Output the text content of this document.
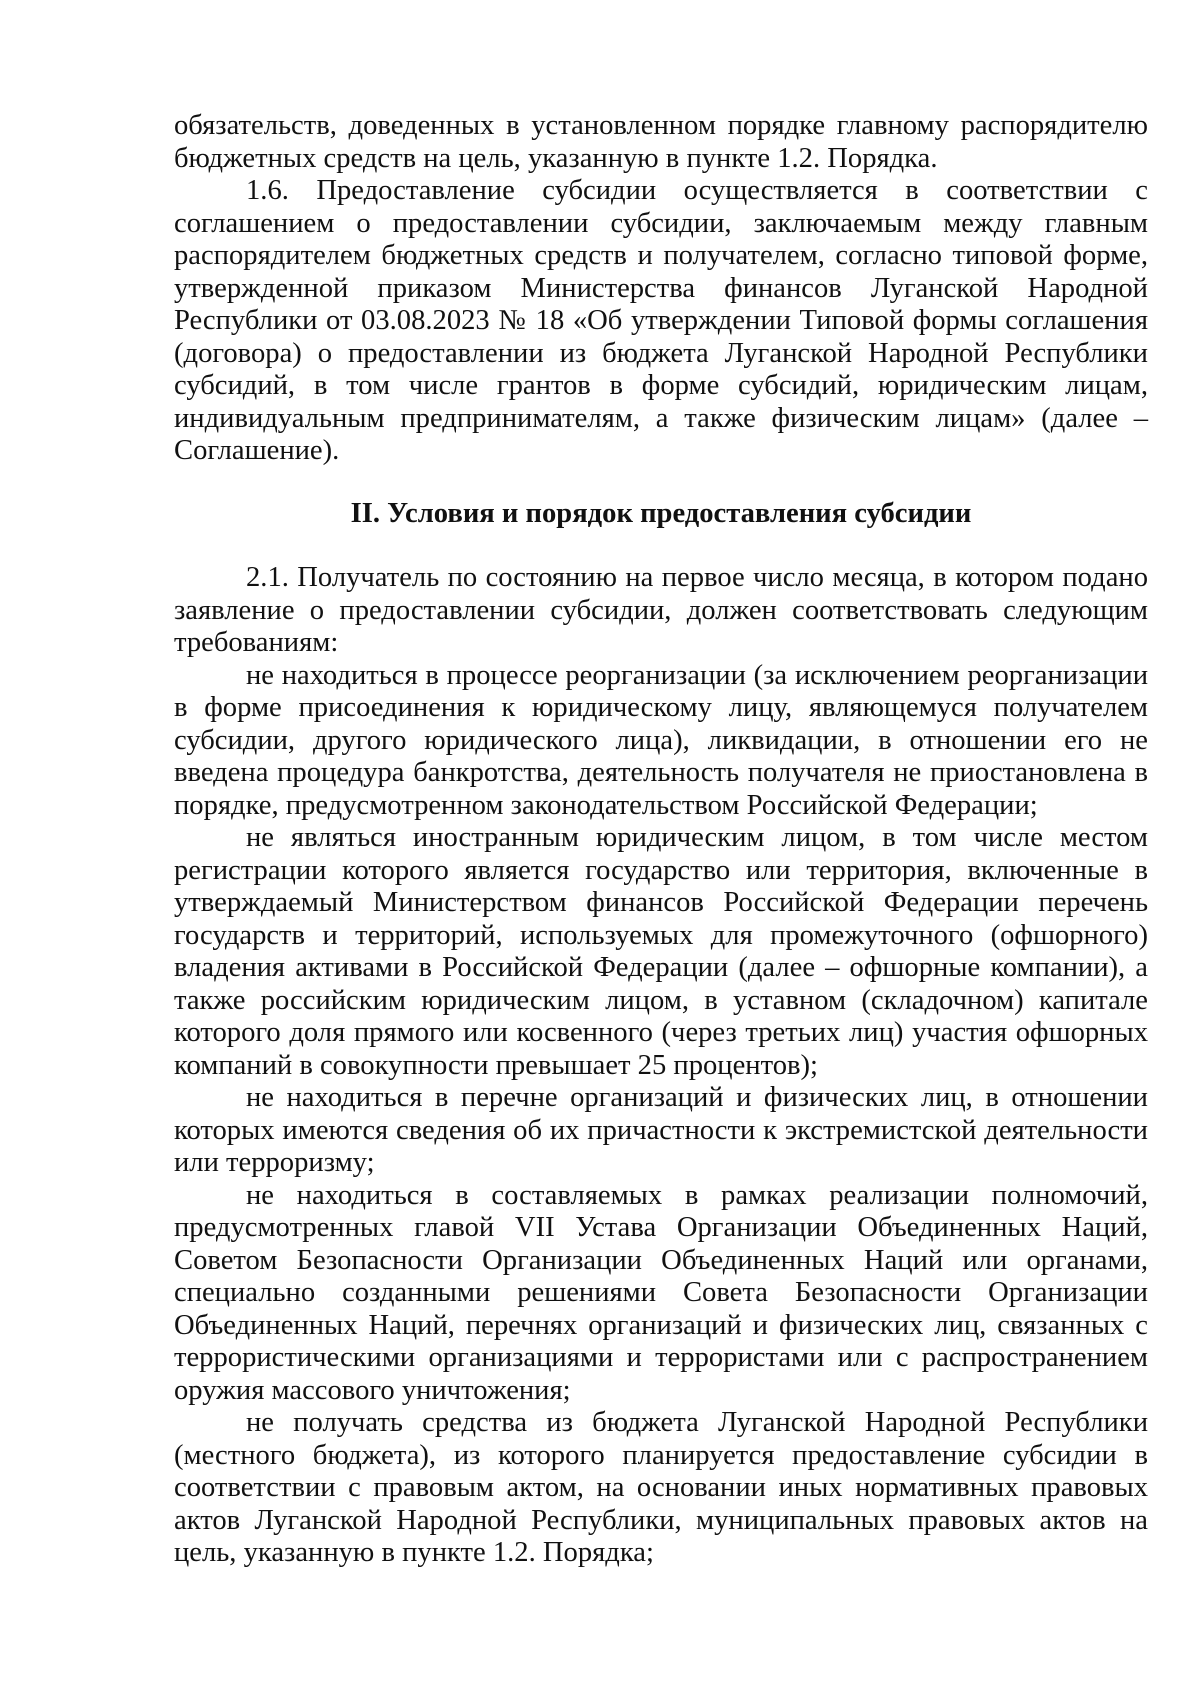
обязательств, доведенных в установленном порядке главному распорядителю бюджетных средств на цель, указанную в пункте 1.2. Порядка.

1.6. Предоставление субсидии осуществляется в соответствии с соглашением о предоставлении субсидии, заключаемым между главным распорядителем бюджетных средств и получателем, согласно типовой форме, утвержденной приказом Министерства финансов Луганской Народной Республики от 03.08.2023 № 18 «Об утверждении Типовой формы соглашения (договора) о предоставлении из бюджета Луганской Народной Республики субсидий, в том числе грантов в форме субсидий, юридическим лицам, индивидуальным предпринимателям, а также физическим лицам» (далее – Соглашение).

II. Условия и порядок предоставления субсидии

2.1. Получатель по состоянию на первое число месяца, в котором подано заявление о предоставлении субсидии, должен соответствовать следующим требованиям:

не находиться в процессе реорганизации (за исключением реорганизации в форме присоединения к юридическому лицу, являющемуся получателем субсидии, другого юридического лица), ликвидации, в отношении его не введена процедура банкротства, деятельность получателя не приостановлена в порядке, предусмотренном законодательством Российской Федерации;

не являться иностранным юридическим лицом, в том числе местом регистрации которого является государство или территория, включенные в утверждаемый Министерством финансов Российской Федерации перечень государств и территорий, используемых для промежуточного (офшорного) владения активами в Российской Федерации (далее – офшорные компании), а также российским юридическим лицом, в уставном (складочном) капитале которого доля прямого или косвенного (через третьих лиц) участия офшорных компаний в совокупности превышает 25 процентов);

не находиться в перечне организаций и физических лиц, в отношении которых имеются сведения об их причастности к экстремистской деятельности или терроризму;

не находиться в составляемых в рамках реализации полномочий, предусмотренных главой VII Устава Организации Объединенных Наций, Советом Безопасности Организации Объединенных Наций или органами, специально созданными решениями Совета Безопасности Организации Объединенных Наций, перечнях организаций и физических лиц, связанных с террористическими организациями и террористами или с распространением оружия массового уничтожения;

не получать средства из бюджета Луганской Народной Республики (местного бюджета), из которого планируется предоставление субсидии в соответствии с правовым актом, на основании иных нормативных правовых актов Луганской Народной Республики, муниципальных правовых актов на цель, указанную в пункте 1.2. Порядка;
